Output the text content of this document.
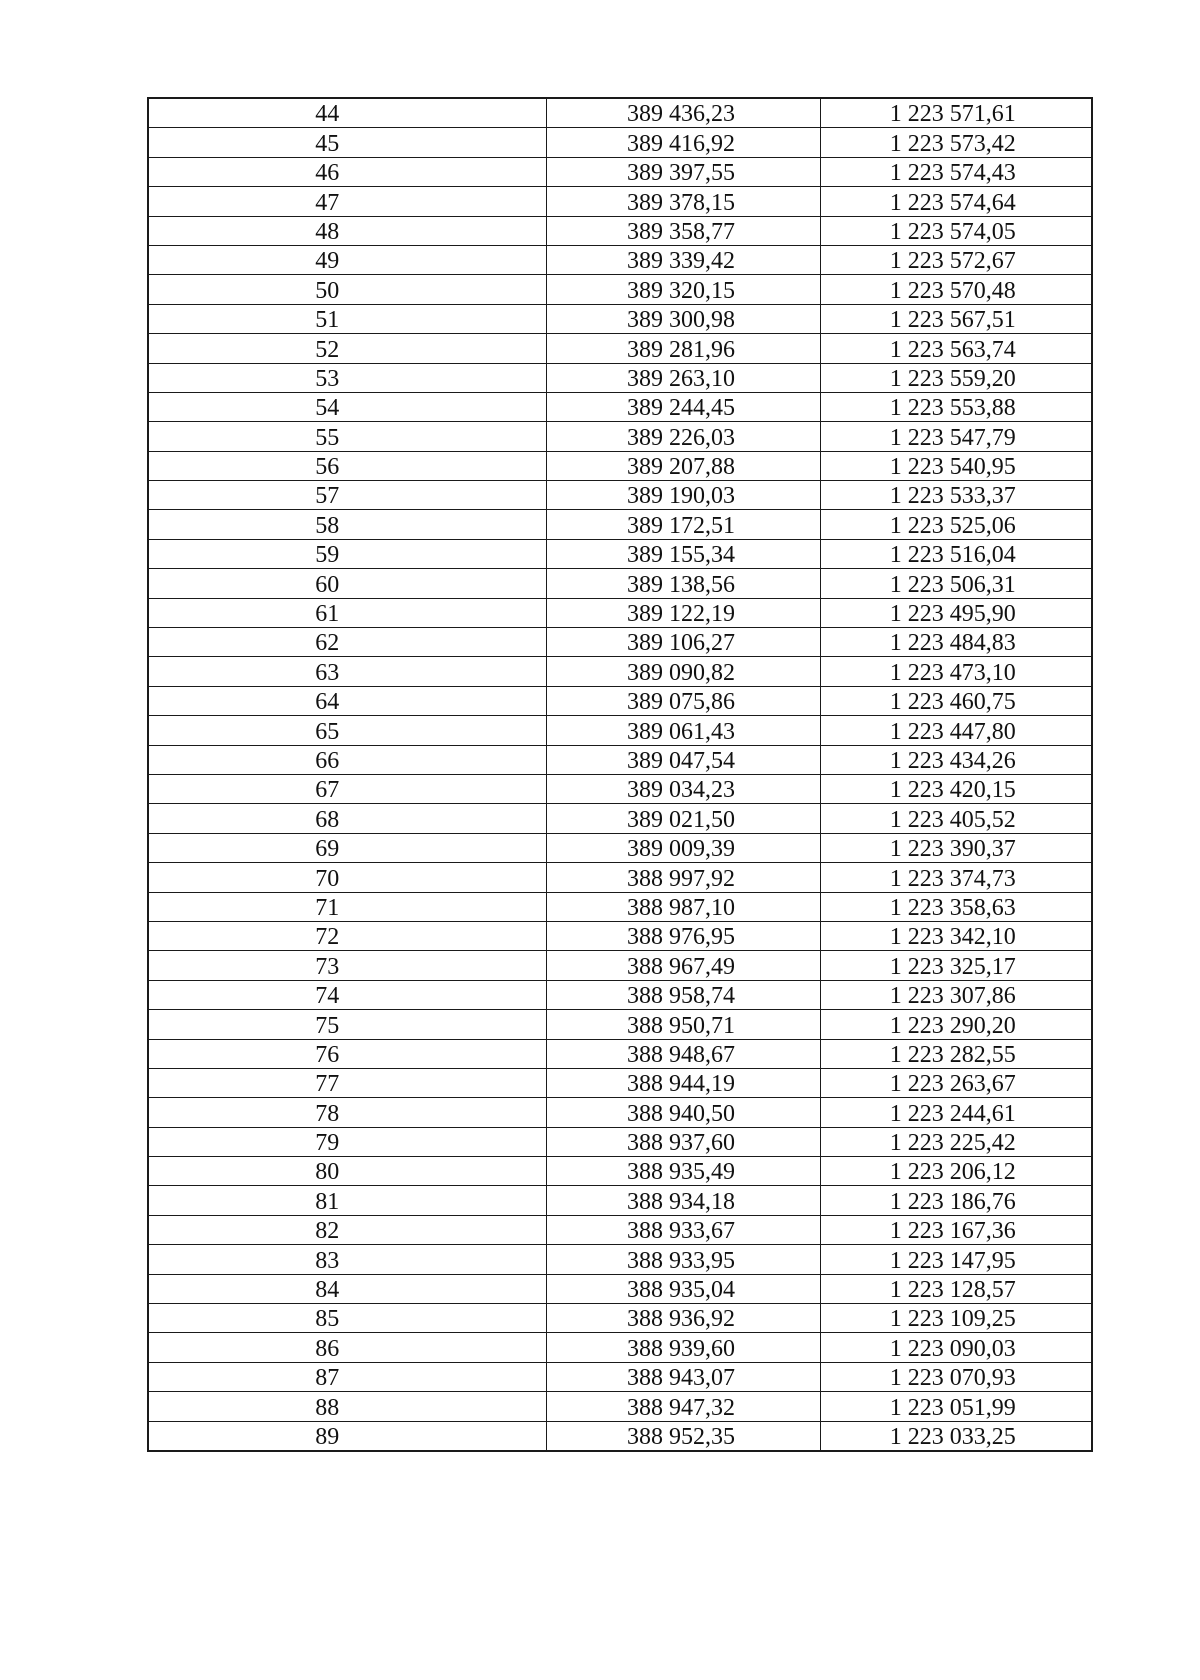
44	389 436,23	1 223 571,61
45	389 416,92	1 223 573,42
46	389 397,55	1 223 574,43
47	389 378,15	1 223 574,64
48	389 358,77	1 223 574,05
49	389 339,42	1 223 572,67
50	389 320,15	1 223 570,48
51	389 300,98	1 223 567,51
52	389 281,96	1 223 563,74
53	389 263,10	1 223 559,20
54	389 244,45	1 223 553,88
55	389 226,03	1 223 547,79
56	389 207,88	1 223 540,95
57	389 190,03	1 223 533,37
58	389 172,51	1 223 525,06
59	389 155,34	1 223 516,04
60	389 138,56	1 223 506,31
61	389 122,19	1 223 495,90
62	389 106,27	1 223 484,83
63	389 090,82	1 223 473,10
64	389 075,86	1 223 460,75
65	389 061,43	1 223 447,80
66	389 047,54	1 223 434,26
67	389 034,23	1 223 420,15
68	389 021,50	1 223 405,52
69	389 009,39	1 223 390,37
70	388 997,92	1 223 374,73
71	388 987,10	1 223 358,63
72	388 976,95	1 223 342,10
73	388 967,49	1 223 325,17
74	388 958,74	1 223 307,86
75	388 950,71	1 223 290,20
76	388 948,67	1 223 282,55
77	388 944,19	1 223 263,67
78	388 940,50	1 223 244,61
79	388 937,60	1 223 225,42
80	388 935,49	1 223 206,12
81	388 934,18	1 223 186,76
82	388 933,67	1 223 167,36
83	388 933,95	1 223 147,95
84	388 935,04	1 223 128,57
85	388 936,92	1 223 109,25
86	388 939,60	1 223 090,03
87	388 943,07	1 223 070,93
88	388 947,32	1 223 051,99
89	388 952,35	1 223 033,25
